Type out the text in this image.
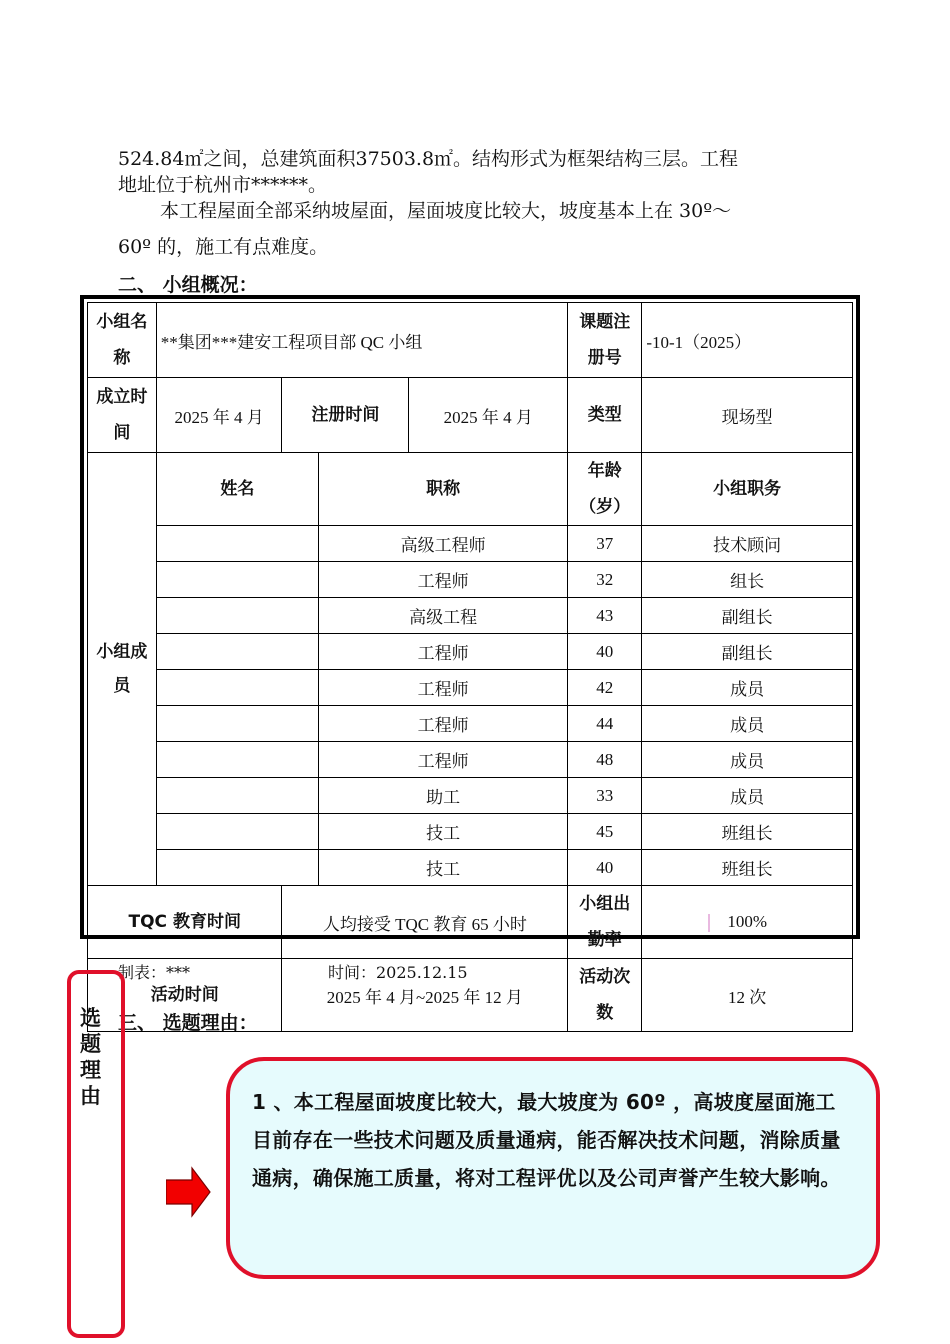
524.84㎡之间，总建筑面积37503.8㎡。结构形式为框架结构三层。工程
地址位于杭州市******。
本工程屋面全部采纳坡屋面，屋面坡度比较大，坡度基本上在 30º～
60º 的，施工有点难度。
二、 小组概况：
小组名称	**集团***建安工程项目部 QC 小组				课题注册号	-10-1（2025）
成立时间	2025 年 4 月	注册时间		2025 年 4 月	类型	现场型
小组成员	姓名		职称		年龄（岁）	小组职务
			高级工程师		37	技术顾问
			工程师		32	组长
			高级工程		43	副组长
			工程师		40	副组长
			工程师		42	成员
			工程师		44	成员
			工程师		48	成员
			助工		33	成员
			技工		45	班组长
			技工		40	班组长
TQC 教育时间		人均接受 TQC 教育 65 小时			小组出勤率	100%
活动时间		2025 年 4 月~2025 年 12 月			活动次数	12 次
制表：***	时间：2025.12.15
三、 选题理由：
选题理由	1 、本工程屋面坡度比较大，最大坡度为 60º ，高坡度屋面施工目前存在一些技术问题及质量通病，能否解决技术问题，消除质量通病，确保施工质量，将对工程评优以及公司声誉产生较大影响。
